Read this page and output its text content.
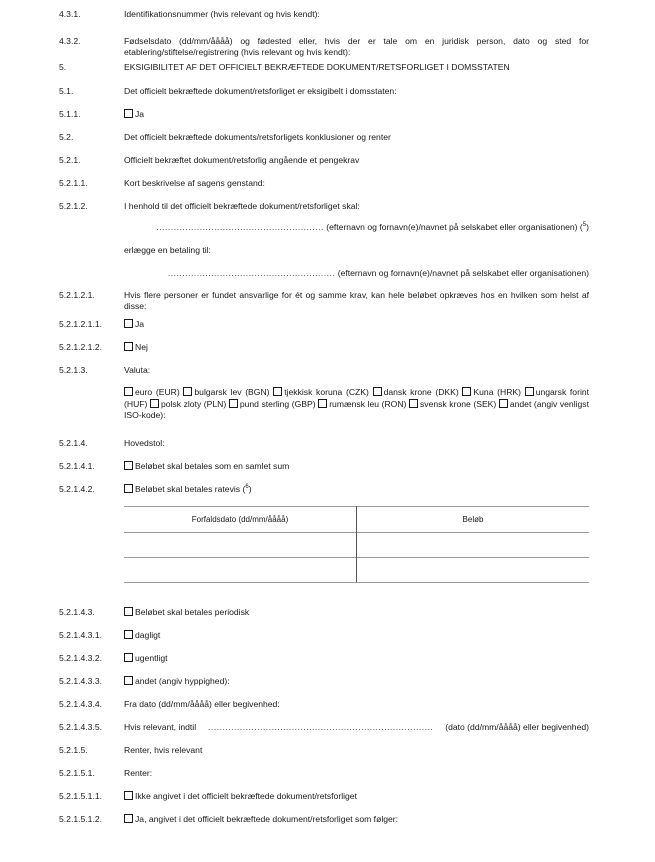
4.3.1.	Identifikationsnummer (hvis relevant og hvis kendt):
4.3.2.	Fødselsdato (dd/mm/åååå) og fødested eller, hvis der er tale om en juridisk person, dato og sted for etablering/stiftelse/registrering (hvis relevant og hvis kendt):
5.	EKSIGIBILITET AF DET OFFICIELT BEKRÆFTEDE DOKUMENT/RETSFORLIGET I DOMSSTATEN
5.1.	Det officielt bekræftede dokument/retsforliget er eksigibelt i domsstaten:
5.1.1.	Ja
5.2.	Det officielt bekræftede dokuments/retsforligets konklusioner og renter
5.2.1.	Officielt bekræftet dokument/retsforlig angående et pengekrav
5.2.1.1.	Kort beskrivelse af sagens genstand:
5.2.1.2.	I henhold til det officielt bekræftede dokument/retsforliget skal:
.......................................................... (efternavn og fornavn(e)/navnet på selskabet eller organisationen) ($^5$)
erlægge en betaling til:
.......................................................... (efternavn og fornavn(e)/navnet på selskabet eller organisationen)
5.2.1.2.1.	Hvis flere personer er fundet ansvarlige for ét og samme krav, kan hele beløbet opkræves hos en hvilken som helst af disse:
5.2.1.2.1.1.	Ja
5.2.1.2.1.2.	Nej
5.2.1.3.	Valuta:
euro (EUR) bulgarsk lev (BGN) tjekkisk koruna (CZK) dansk krone (DKK) Kuna (HRK) ungarsk forint (HUF) polsk zloty (PLN) pund sterling (GBP) rumænsk leu (RON) svensk krone (SEK) andet (angiv venligst ISO-kode):
5.2.1.4.	Hovedstol:
5.2.1.4.1.	Beløbet skal betales som en samlet sum
5.2.1.4.2.	Beløbet skal betales ratevis ($^6$)
Forfaldsdato (dd/mm/åååå)	Beløb

5.2.1.4.3.	Beløbet skal betales periodisk
5.2.1.4.3.1.	dagligt
5.2.1.4.3.2.	ugentligt
5.2.1.4.3.3.	andet (angiv hyppighed):
5.2.1.4.3.4.	Fra dato (dd/mm/åååå) eller begivenhed:
5.2.1.4.3.5.	Hvis relevant, indtil .............................................................................. (dato (dd/mm/åååå) eller begivenhed)
5.2.1.5.	Renter, hvis relevant
5.2.1.5.1.	Renter:
5.2.1.5.1.1.	Ikke angivet i det officielt bekræftede dokument/retsforliget
5.2.1.5.1.2.	Ja, angivet i det officielt bekræftede dokument/retsforliget som følger:
